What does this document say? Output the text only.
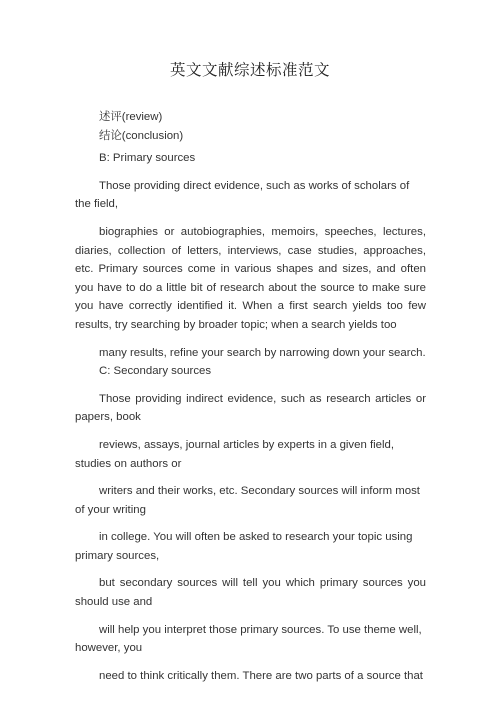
英文文献综述标准范文

述评(review)

结论(conclusion)

B: Primary sources

Those providing direct evidence, such as works of scholars of the field,

biographies or autobiographies, memoirs, speeches, lectures, diaries, collection of letters, interviews, case studies, approaches, etc. Primary sources come in various shapes and sizes, and often you have to do a little bit of research about the source to make sure you have correctly identified it. When a first search yields too few results, try searching by broader topic; when a search yields too

many results, refine your search by narrowing down your search.

C: Secondary sources

Those providing indirect evidence, such as research articles or papers, book

reviews, assays, journal articles by experts in a given field, studies on authors or

writers and their works, etc. Secondary sources will inform most of your writing

in college. You will often be asked to research your topic using primary sources,

but secondary sources will tell you which primary sources you should use and

will help you interpret those primary sources. To use theme well, however, you

need to think critically them. There are two parts of a source that
